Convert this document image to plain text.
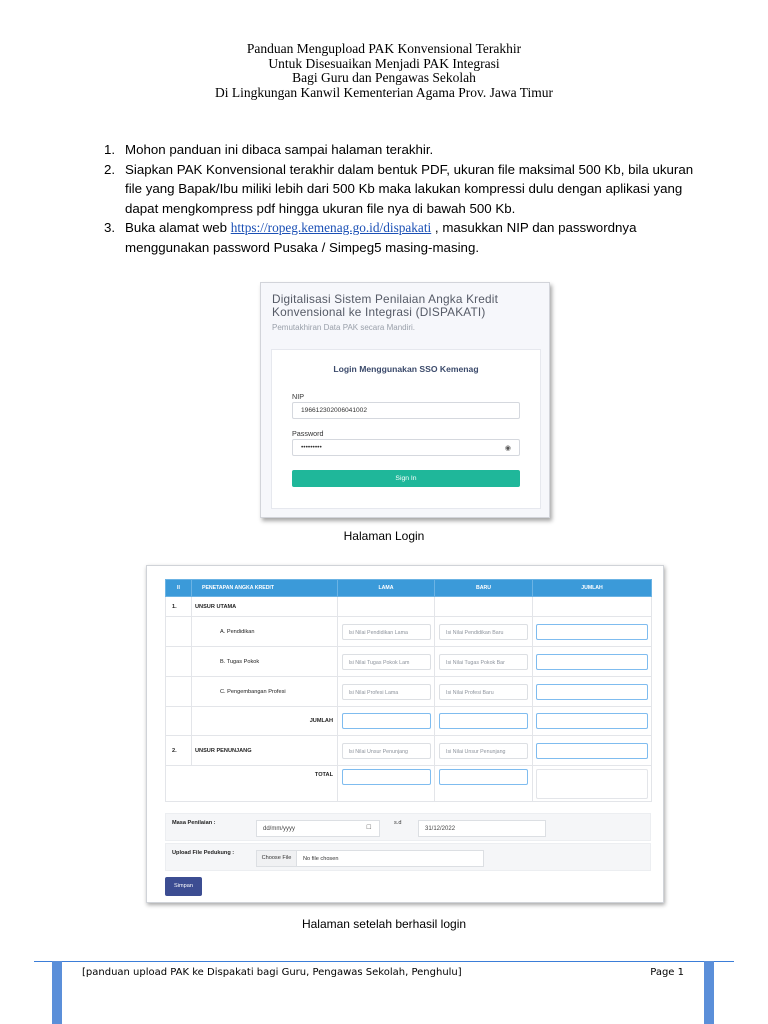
Panduan Mengupload PAK Konvensional Terakhir
Untuk Disesuaikan Menjadi PAK Integrasi
Bagi Guru dan Pengawas Sekolah
Di Lingkungan Kanwil Kementerian Agama Prov. Jawa Timur
1. Mohon panduan ini dibaca sampai halaman terakhir.
2. Siapkan PAK Konvensional terakhir dalam bentuk PDF, ukuran file maksimal 500 Kb, bila ukuran file yang Bapak/Ibu miliki lebih dari 500 Kb maka lakukan kompressi dulu dengan aplikasi yang dapat mengkompress pdf hingga ukuran file nya di bawah 500 Kb.
3. Buka alamat web https://ropeg.kemenag.go.id/dispakati , masukkan NIP dan passwordnya menggunakan password Pusaka / Simpeg5 masing-masing.
Digitalisasi Sistem Penilaian Angka Kredit
Konvensional ke Integrasi (DISPAKATI)
Pemutakhiran Data PAK secara Mandiri.
Login Menggunakan SSO Kemenag
NIP
196612302006041002
Password
•••••••••	◉
Sign In
Halaman Login
II	PENETAPAN ANGKA KREDIT	LAMA	BARU	JUMLAH
1.	UNSUR UTAMA			
	A. Pendidikan	Isi Nilai Pendidikan Lama	Isi Nilai Pendidikan Baru	

	B. Tugas Pokok	Isi Nilai Tugas Pokok Lam	Isi Nilai Tugas Pokok Bar	

	C. Pengembangan Profesi	Isi Nilai Profesi Lama	Isi Nilai Profesi Baru	

	JUMLAH	

2.	UNSUR PENUNJANG	Isi Nilai Unsur Penunjang	Isi Nilai Unsur Penunjang	

TOTAL		

Masa Penilaian :
dd/mm/yyyy	□
s.d
31/12/2022
Upload File Pedukung :
Choose File	No file chosen
Simpan
Halaman setelah berhasil login
[panduan upload PAK ke Dispakati bagi Guru, Pengawas Sekolah, Penghulu]	Page 1
